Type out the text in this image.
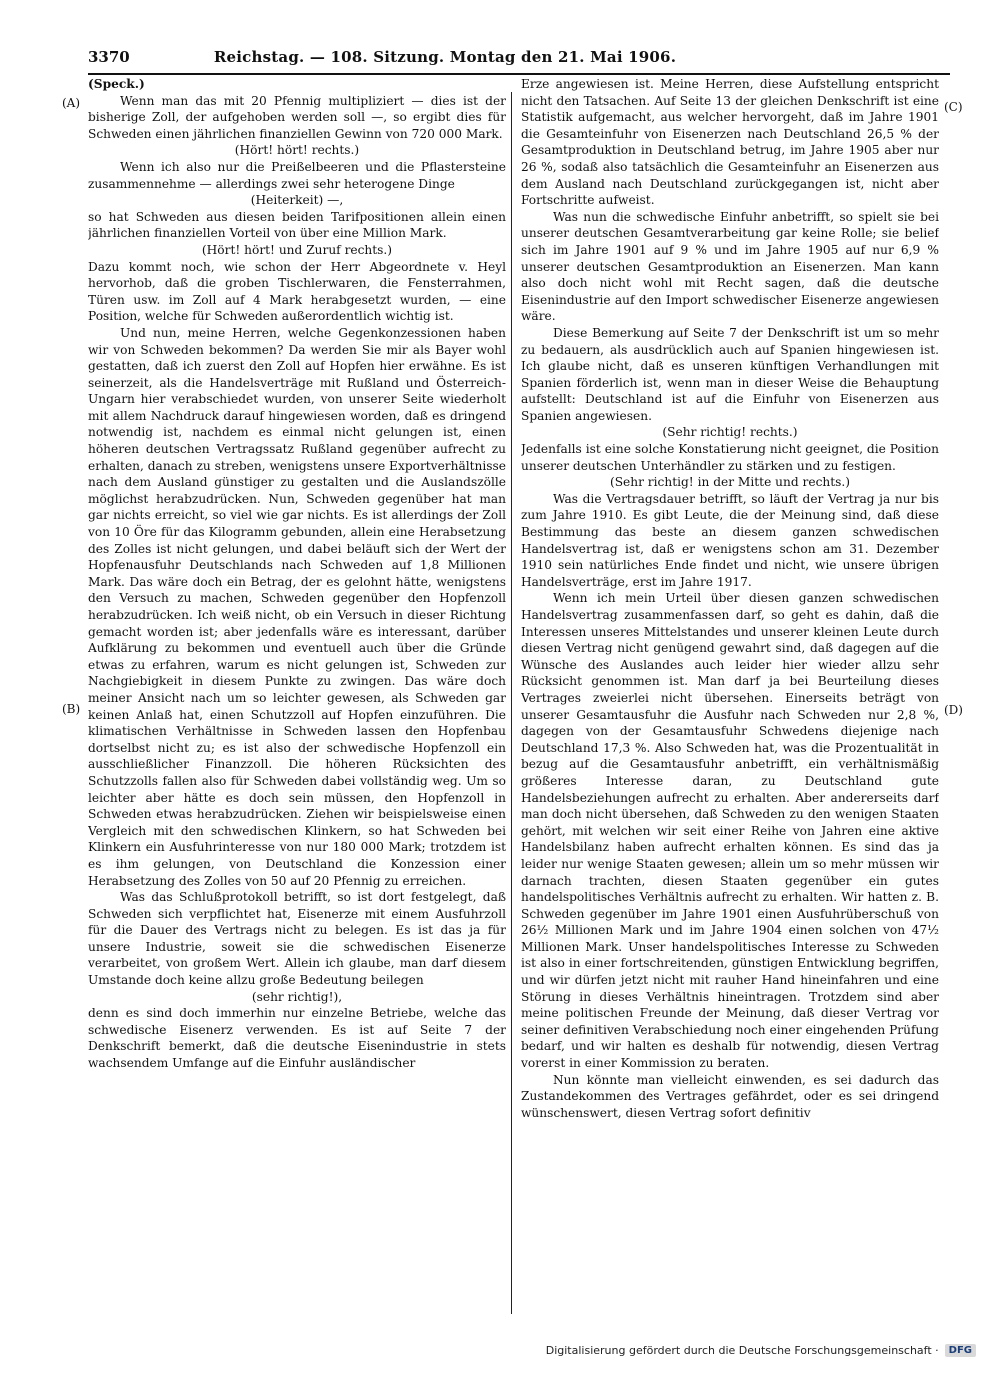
3370	Reichstag. — 108. Sitzung. Montag den 21. Mai 1906.
(A)
(B)
(C)
(D)

(Speck.)

Wenn man das mit 20 Pfennig multipliziert — dies ist der bisherige Zoll, der aufgehoben werden soll —, so ergibt dies für Schweden einen jährlichen finanziellen Gewinn von 720 000 Mark.

(Hört! hört! rechts.)

Wenn ich also nur die Preißelbeeren und die Pflastersteine zusammennehme — allerdings zwei sehr heterogene Dinge

(Heiterkeit) —,

so hat Schweden aus diesen beiden Tarifpositionen allein einen jährlichen finanziellen Vorteil von über eine Million Mark.

(Hört! hört! und Zuruf rechts.)

Dazu kommt noch, wie schon der Herr Abgeordnete v. Heyl hervorhob, daß die groben Tischlerwaren, die Fensterrahmen, Türen usw. im Zoll auf 4 Mark herabgesetzt wurden, — eine Position, welche für Schweden außerordentlich wichtig ist.

Und nun, meine Herren, welche Gegenkonzessionen haben wir von Schweden bekommen? Da werden Sie mir als Bayer wohl gestatten, daß ich zuerst den Zoll auf Hopfen hier erwähne. Es ist seinerzeit, als die Handelsverträge mit Rußland und Österreich-Ungarn hier verabschiedet wurden, von unserer Seite wiederholt mit allem Nachdruck darauf hingewiesen worden, daß es dringend notwendig ist, nachdem es einmal nicht gelungen ist, einen höheren deutschen Vertragssatz Rußland gegenüber aufrecht zu erhalten, danach zu streben, wenigstens unsere Exportverhältnisse nach dem Ausland günstiger zu gestalten und die Auslandszölle möglichst herabzudrücken. Nun, Schweden gegenüber hat man gar nichts erreicht, so viel wie gar nichts. Es ist allerdings der Zoll von 10 Öre für das Kilogramm gebunden, allein eine Herabsetzung des Zolles ist nicht gelungen, und dabei beläuft sich der Wert der Hopfenausfuhr Deutschlands nach Schweden auf 1,8 Millionen Mark. Das wäre doch ein Betrag, der es gelohnt hätte, wenigstens den Versuch zu machen, Schweden gegenüber den Hopfenzoll herabzudrücken. Ich weiß nicht, ob ein Versuch in dieser Richtung gemacht worden ist; aber jedenfalls wäre es interessant, darüber Aufklärung zu bekommen und eventuell auch über die Gründe etwas zu erfahren, warum es nicht gelungen ist, Schweden zur Nachgiebigkeit in diesem Punkte zu zwingen. Das wäre doch meiner Ansicht nach um so leichter gewesen, als Schweden gar keinen Anlaß hat, einen Schutzzoll auf Hopfen einzuführen. Die klimatischen Verhältnisse in Schweden lassen den Hopfenbau dortselbst nicht zu; es ist also der schwedische Hopfenzoll ein ausschließlicher Finanzzoll. Die höheren Rücksichten des Schutzzolls fallen also für Schweden dabei vollständig weg. Um so leichter aber hätte es doch sein müssen, den Hopfenzoll in Schweden etwas herabzudrücken. Ziehen wir beispielsweise einen Vergleich mit den schwedischen Klinkern, so hat Schweden bei Klinkern ein Ausfuhrinteresse von nur 180 000 Mark; trotzdem ist es ihm gelungen, von Deutschland die Konzession einer Herabsetzung des Zolles von 50 auf 20 Pfennig zu erreichen.

Was das Schlußprotokoll betrifft, so ist dort festgelegt, daß Schweden sich verpflichtet hat, Eisenerze mit einem Ausfuhrzoll für die Dauer des Vertrags nicht zu belegen. Es ist das ja für unsere Industrie, soweit sie die schwedischen Eisenerze verarbeitet, von großem Wert. Allein ich glaube, man darf diesem Umstande doch keine allzu große Bedeutung beilegen

(sehr richtig!),

denn es sind doch immerhin nur einzelne Betriebe, welche das schwedische Eisenerz verwenden. Es ist auf Seite 7 der Denkschrift bemerkt, daß die deutsche Eisenindustrie in stets wachsendem Umfange auf die Einfuhr ausländischer

Erze angewiesen ist. Meine Herren, diese Aufstellung entspricht nicht den Tatsachen. Auf Seite 13 der gleichen Denkschrift ist eine Statistik aufgemacht, aus welcher hervorgeht, daß im Jahre 1901 die Gesamteinfuhr von Eisenerzen nach Deutschland 26,5 % der Gesamtproduktion in Deutschland betrug, im Jahre 1905 aber nur 26 %, sodaß also tatsächlich die Gesamteinfuhr an Eisenerzen aus dem Ausland nach Deutschland zurückgegangen ist, nicht aber Fortschritte aufweist.

Was nun die schwedische Einfuhr anbetrifft, so spielt sie bei unserer deutschen Gesamtverarbeitung gar keine Rolle; sie belief sich im Jahre 1901 auf 9 % und im Jahre 1905 auf nur 6,9 % unserer deutschen Gesamtproduktion an Eisenerzen. Man kann also doch nicht wohl mit Recht sagen, daß die deutsche Eisenindustrie auf den Import schwedischer Eisenerze angewiesen wäre.

Diese Bemerkung auf Seite 7 der Denkschrift ist um so mehr zu bedauern, als ausdrücklich auch auf Spanien hingewiesen ist. Ich glaube nicht, daß es unseren künftigen Verhandlungen mit Spanien förderlich ist, wenn man in dieser Weise die Behauptung aufstellt: Deutschland ist auf die Einfuhr von Eisenerzen aus Spanien angewiesen.

(Sehr richtig! rechts.)

Jedenfalls ist eine solche Konstatierung nicht geeignet, die Position unserer deutschen Unterhändler zu stärken und zu festigen.

(Sehr richtig! in der Mitte und rechts.)

Was die Vertragsdauer betrifft, so läuft der Vertrag ja nur bis zum Jahre 1910. Es gibt Leute, die der Meinung sind, daß diese Bestimmung das beste an diesem ganzen schwedischen Handelsvertrag ist, daß er wenigstens schon am 31. Dezember 1910 sein natürliches Ende findet und nicht, wie unsere übrigen Handelsverträge, erst im Jahre 1917.

Wenn ich mein Urteil über diesen ganzen schwedischen Handelsvertrag zusammenfassen darf, so geht es dahin, daß die Interessen unseres Mittelstandes und unserer kleinen Leute durch diesen Vertrag nicht genügend gewahrt sind, daß dagegen auf die Wünsche des Auslandes auch leider hier wieder allzu sehr Rücksicht genommen ist. Man darf ja bei Beurteilung dieses Vertrages zweierlei nicht übersehen. Einerseits beträgt von unserer Gesamtausfuhr die Ausfuhr nach Schweden nur 2,8 %, dagegen von der Gesamtausfuhr Schwedens diejenige nach Deutschland 17,3 %. Also Schweden hat, was die Prozentualität in bezug auf die Gesamtausfuhr anbetrifft, ein verhältnismäßig größeres Interesse daran, zu Deutschland gute Handelsbeziehungen aufrecht zu erhalten. Aber andererseits darf man doch nicht übersehen, daß Schweden zu den wenigen Staaten gehört, mit welchen wir seit einer Reihe von Jahren eine aktive Handelsbilanz haben aufrecht erhalten können. Es sind das ja leider nur wenige Staaten gewesen; allein um so mehr müssen wir darnach trachten, diesen Staaten gegenüber ein gutes handelspolitisches Verhältnis aufrecht zu erhalten. Wir hatten z. B. Schweden gegenüber im Jahre 1901 einen Ausfuhrüberschuß von 26½ Millionen Mark und im Jahre 1904 einen solchen von 47½ Millionen Mark. Unser handelspolitisches Interesse zu Schweden ist also in einer fortschreitenden, günstigen Entwicklung begriffen, und wir dürfen jetzt nicht mit rauher Hand hineinfahren und eine Störung in dieses Verhältnis hineintragen. Trotzdem sind aber meine politischen Freunde der Meinung, daß dieser Vertrag vor seiner definitiven Verabschiedung noch einer eingehenden Prüfung bedarf, und wir halten es deshalb für notwendig, diesen Vertrag vorerst in einer Kommission zu beraten.

Nun könnte man vielleicht einwenden, es sei dadurch das Zustandekommen des Vertrages gefährdet, oder es sei dringend wünschenswert, diesen Vertrag sofort definitiv

Digitalisierung gefördert durch die Deutsche Forschungsgemeinschaft ·	DFG
